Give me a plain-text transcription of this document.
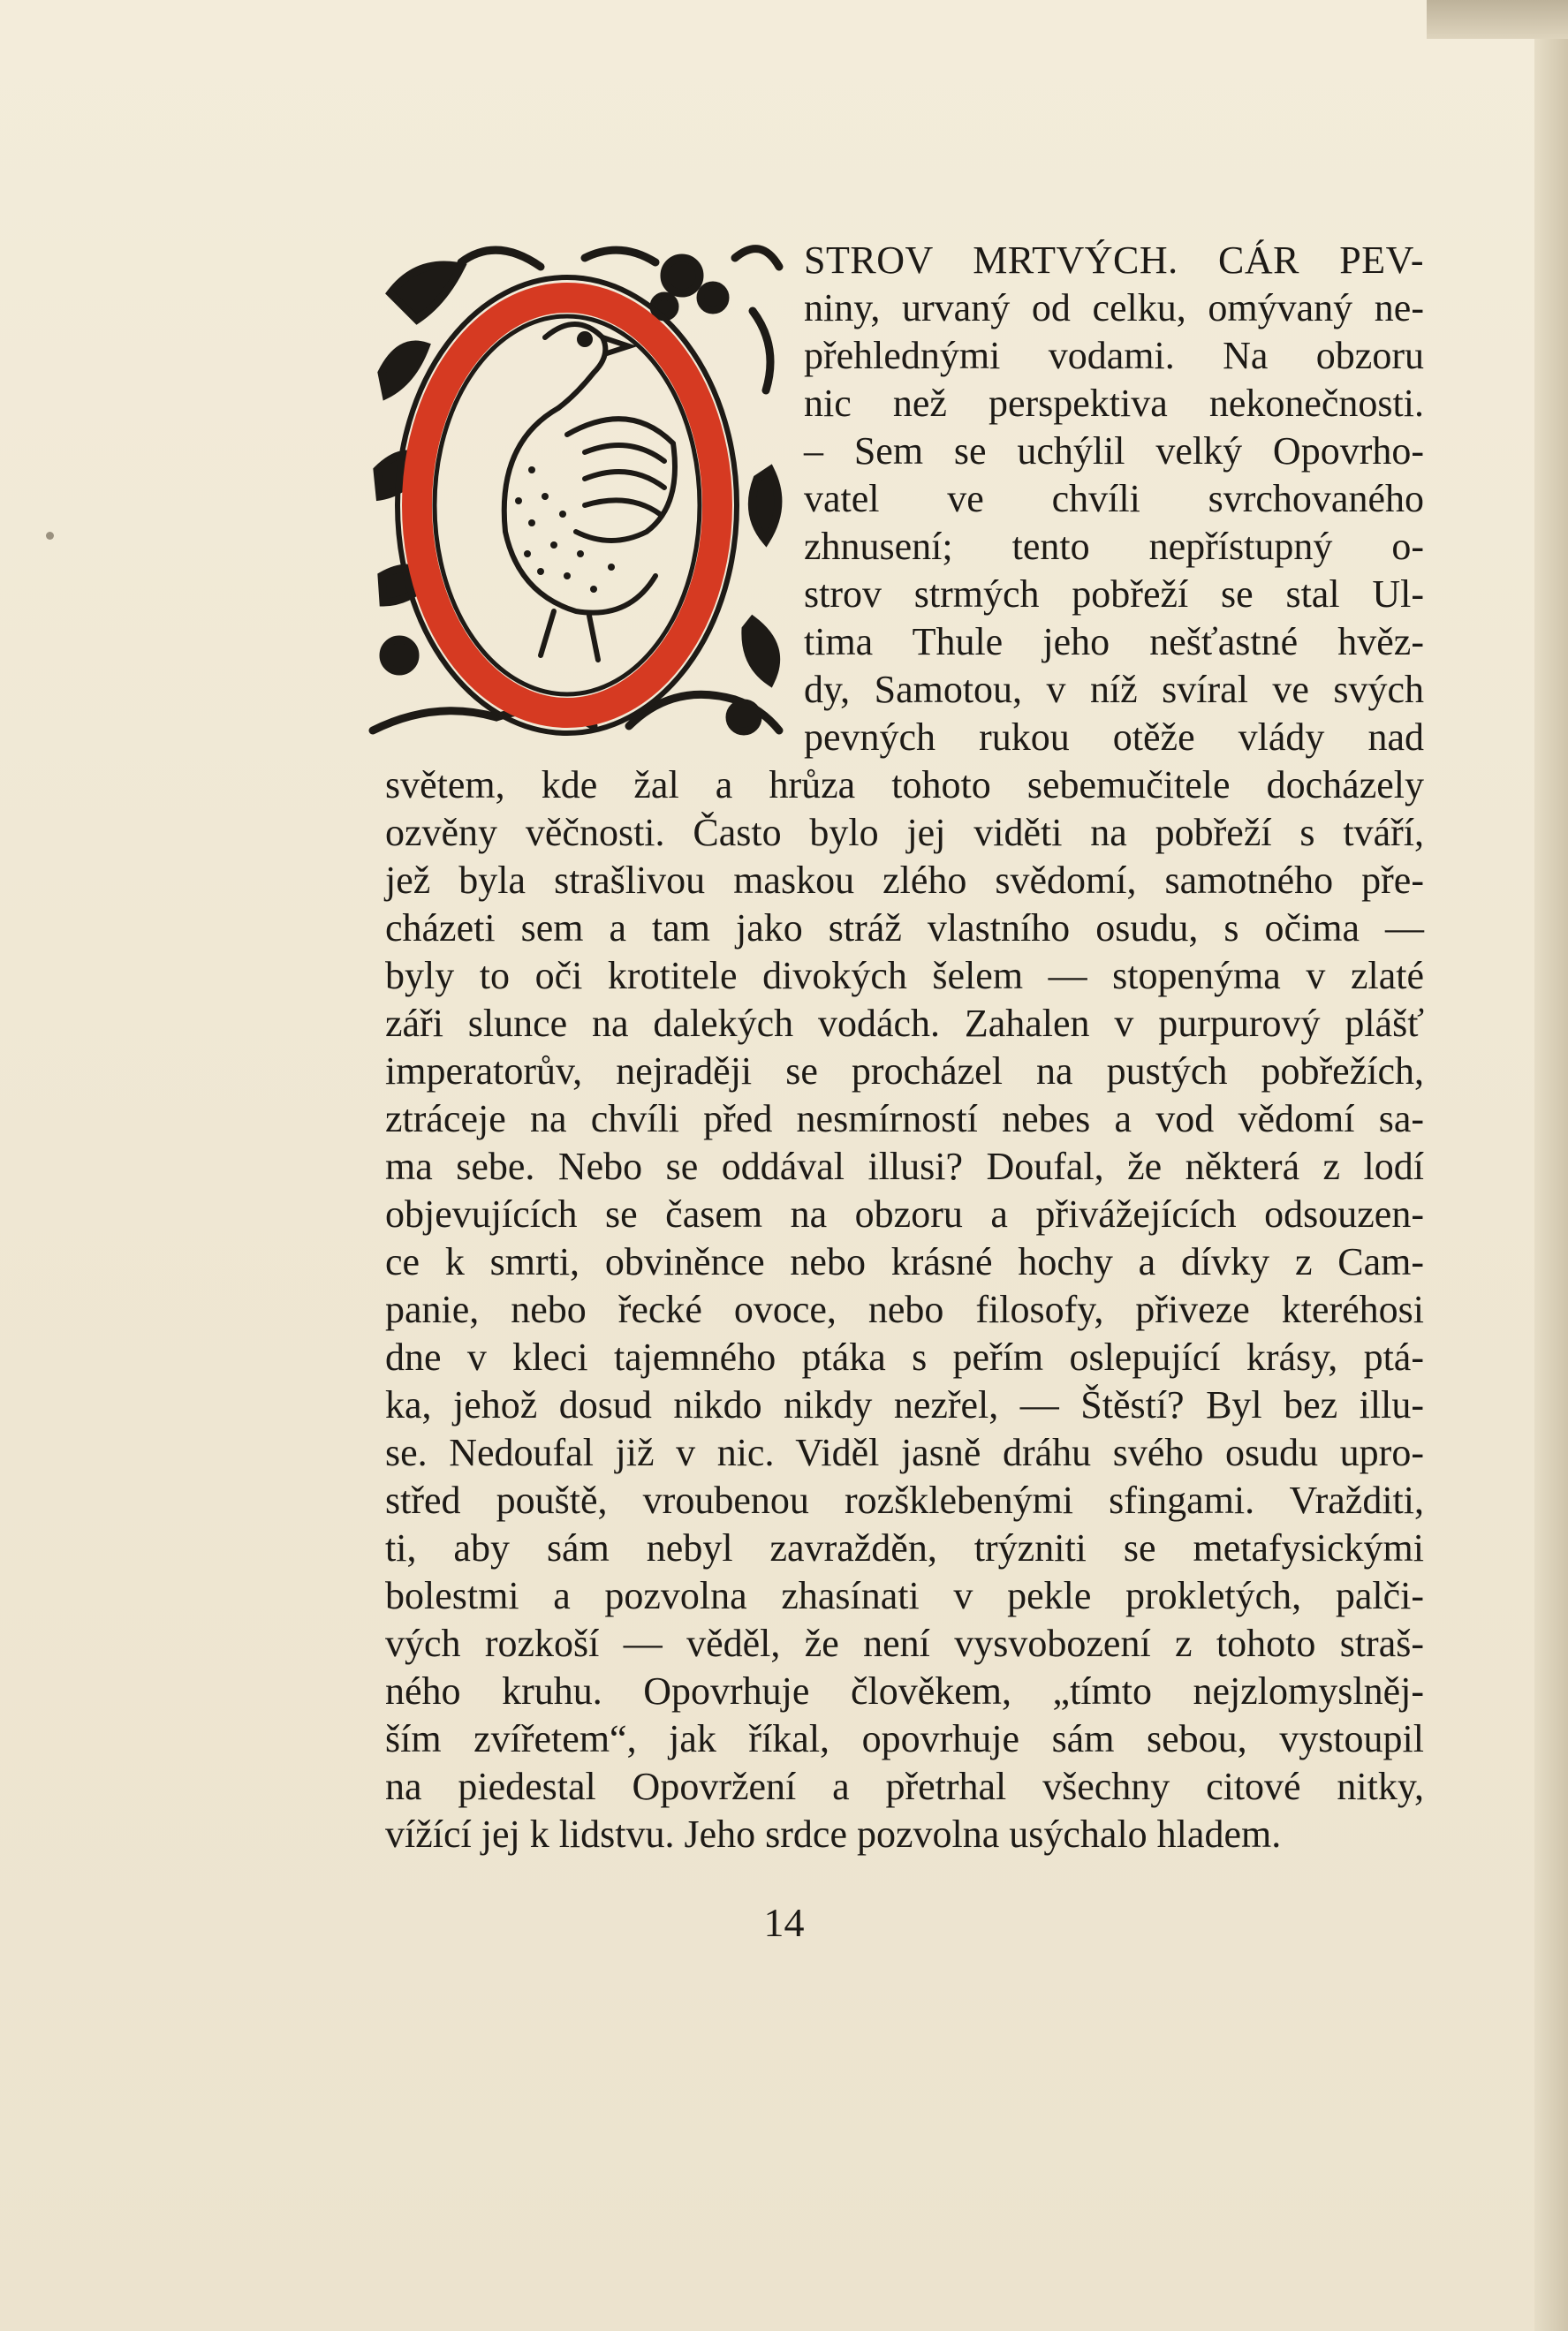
STROV MRTVÝCH. CÁR PEV-
niny, urvaný od celku, omývaný ne-
přehlednými vodami. Na obzoru
nic než perspektiva nekonečnosti.
– Sem se uchýlil velký Opovrho-
vatel ve chvíli svrchovaného
zhnusení; tento nepřístupný o-
strov strmých pobřeží se stal Ul-
tima Thule jeho nešťastné hvěz-
dy, Samotou, v níž svíral ve svých
pevných rukou otěže vlády nad
světem, kde žal a hrůza tohoto sebemučitele docházely
ozvěny věčnosti. Často bylo jej viděti na pobřeží s tváří,
jež byla strašlivou maskou zlého svědomí, samotného pře-
cházeti sem a tam jako stráž vlastního osudu, s očima —
byly to oči krotitele divokých šelem — stopenýma v zlaté
záři slunce na dalekých vodách. Zahalen v purpurový plášť
imperatorův, nejraději se procházel na pustých pobřežích,
ztráceje na chvíli před nesmírností nebes a vod vědomí sa-
ma sebe. Nebo se oddával illusi? Doufal, že některá z lodí
objevujících se časem na obzoru a přivážejících odsouzen-
ce k smrti, obviněnce nebo krásné hochy a dívky z Cam-
panie, nebo řecké ovoce, nebo filosofy, přiveze kteréhosi
dne v kleci tajemného ptáka s peřím oslepující krásy, ptá-
ka, jehož dosud nikdo nikdy nezřel, — Štěstí? Byl bez illu-
se. Nedoufal již v nic. Viděl jasně dráhu svého osudu upro-
střed pouště, vroubenou rozšklebenými sfingami. Vražditi,
ti, aby sám nebyl zavražděn, trýzniti se metafysickými
bolestmi a pozvolna zhasínati v pekle prokletých, palči-
vých rozkoší — věděl, že není vysvobození z tohoto straš-
ného kruhu. Opovrhuje člověkem, „tímto nejzlomyslněj-
ším zvířetem“, jak říkal, opovrhuje sám sebou, vystoupil
na piedestal Opovržení a přetrhal všechny citové nitky,
vížící jej k lidstvu. Jeho srdce pozvolna usýchalo hladem.
14
